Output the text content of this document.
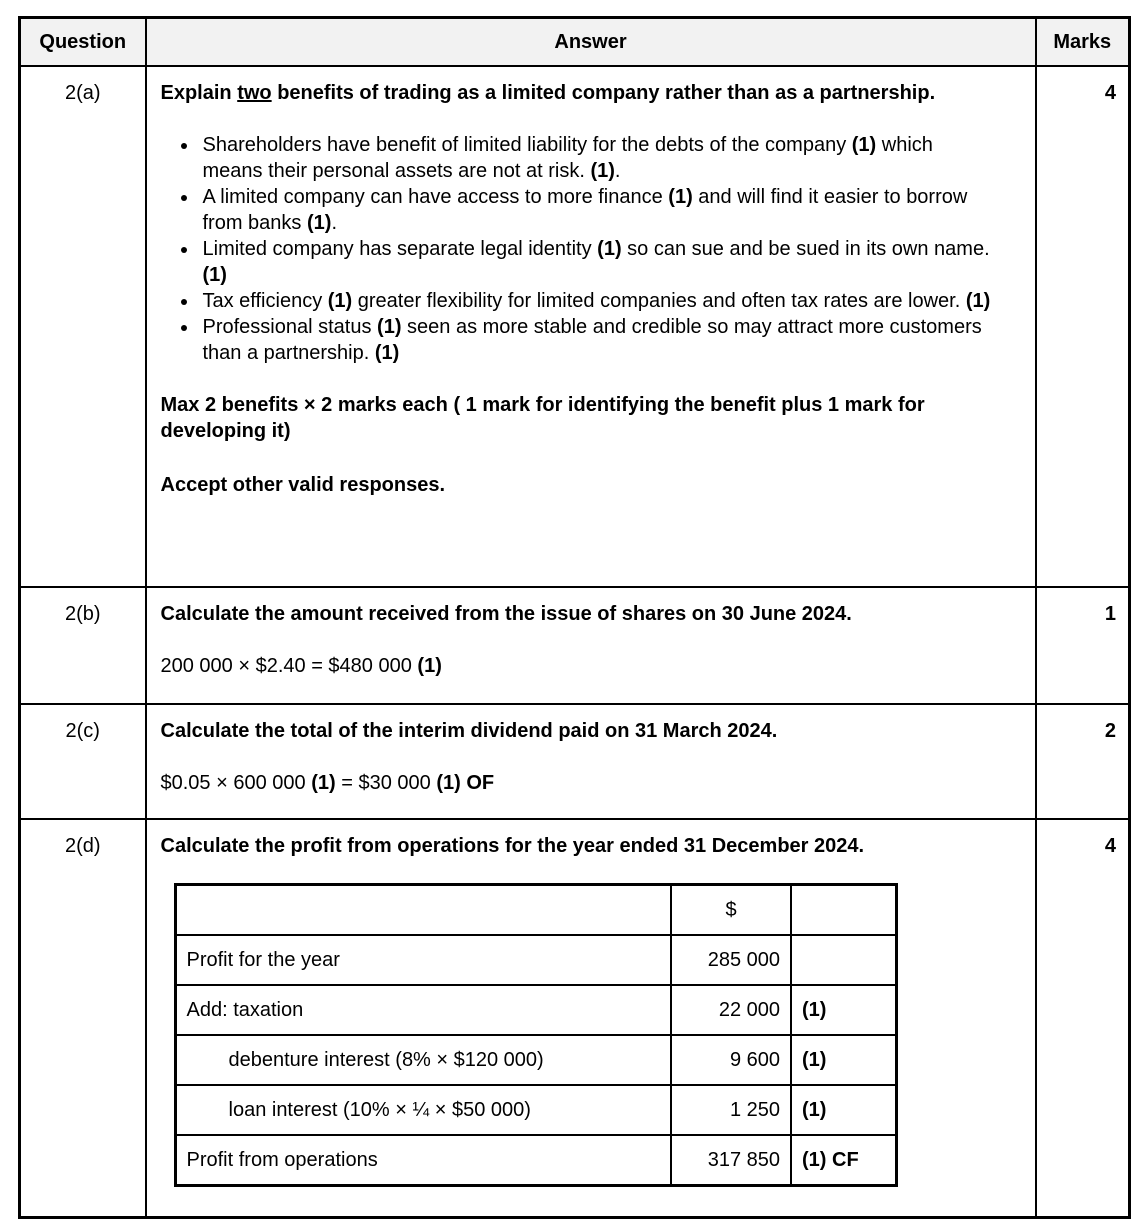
Question	Answer	Marks
2(a)	Explain two benefits of trading as a limited company rather than as a partnership.

• Shareholders have benefit of limited liability for the debts of the company (1) which means their personal assets are not at risk. (1).
• A limited company can have access to more finance (1) and will find it easier to borrow from banks (1).
• Limited company has separate legal identity (1) so can sue and be sued in its own name. (1)
• Tax efficiency (1) greater flexibility for limited companies and often tax rates are lower. (1)
• Professional status (1) seen as more stable and credible so may attract more customers than a partnership. (1)

Max 2 benefits × 2 marks each ( 1 mark for identifying the benefit plus 1 mark for developing it)

Accept other valid responses.

	4
2(b)	Calculate the amount received from the issue of shares on 30 June 2024.

200 000 × $2.40 = $480 000 (1)

	1
2(c)	Calculate the total of the interim dividend paid on 31 March 2024.

$0.05 × 600 000 (1) = $30 000 (1) OF

	2
2(d)	Calculate the profit from operations for the year ended 31 December 2024.

	$	
Profit for the year	285 000	
Add: taxation	22 000	(1)
debenture interest (8% × $120 000)	9 600	(1)
loan interest (10% × ¼ × $50 000)	1 250	(1)
Profit from operations	317 850	(1) CF
	4
